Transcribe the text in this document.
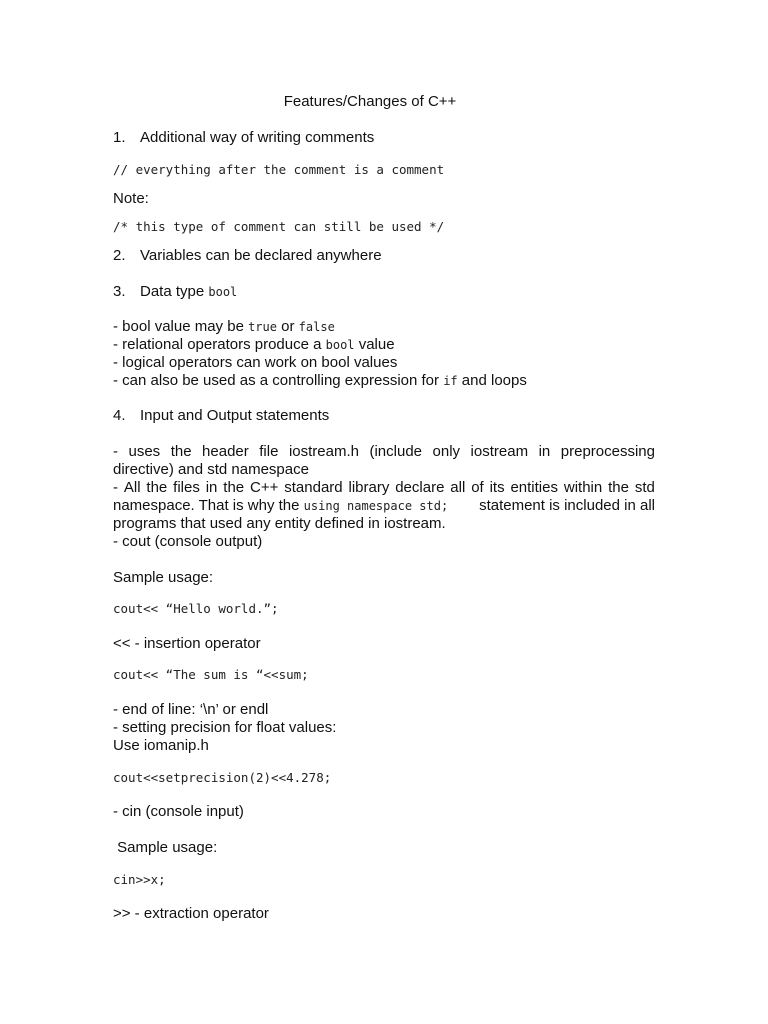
Features/Changes of C++
1. Additional way of writing comments
// everything after the comment is a comment
Note:
/* this type of comment can still be used */
2. Variables can be declared anywhere
3. Data type bool
- bool value may be true or false
- relational operators produce a bool value
- logical operators can work on bool values
- can also be used as a controlling expression for if and loops
4. Input and Output statements
- uses the header file iostream.h (include only iostream in preprocessing
directive) and std namespace
- All the files in the C++ standard library declare all of its entities within the std
namespace. That is why the using namespace std; statement is included in all
programs that used any entity defined in iostream.
- cout (console output)
Sample usage:
cout<< “Hello world.”;
<< - insertion operator
cout<< “The sum is “<<sum;
- end of line: ‘\n’ or endl
- setting precision for float values:
Use iomanip.h
cout<<setprecision(2)<<4.278;
- cin (console input)
Sample usage:
cin>>x;
>> - extraction operator
